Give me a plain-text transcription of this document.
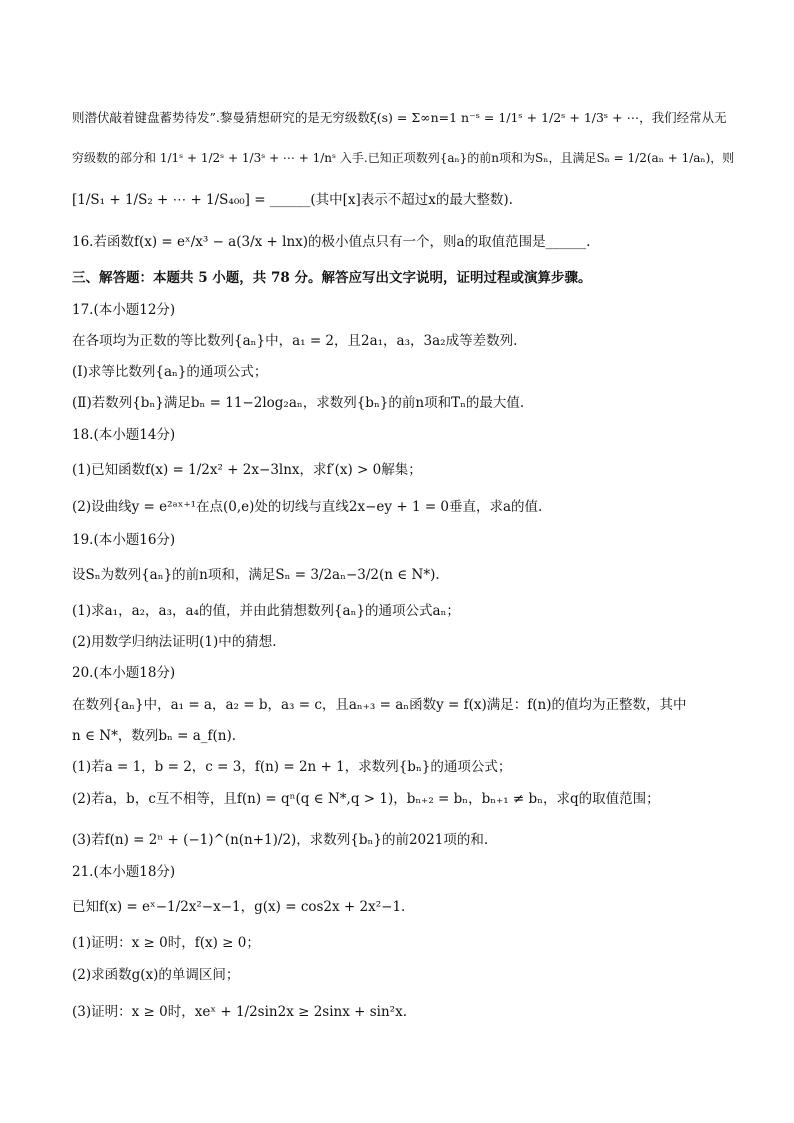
则潜伏敲着键盘蓄势待发”.黎曼猜想研究的是无穷级数ξ(s) = Σ∞n=1 n⁻ˢ = 1/1ˢ + 1/2ˢ + 1/3ˢ + ⋯，我们经常从无
穷级数的部分和 1/1ˢ + 1/2ˢ + 1/3ˢ + ⋯ + 1/nˢ 入手.已知正项数列{aₙ}的前n项和为Sₙ，且满足Sₙ = 1/2(aₙ + 1/aₙ)，则
[1/S₁ + 1/S₂ + ⋯ + 1/S₄₀₀] = ______(其中[x]表示不超过x的最大整数).
16.若函数f(x) = eˣ/x³ − a(3/x + lnx)的极小值点只有一个，则a的取值范围是______.
三、解答题：本题共 5 小题，共 78 分。解答应写出文字说明，证明过程或演算步骤。
17.(本小题12分)
在各项均为正数的等比数列{aₙ}中，a₁ = 2，且2a₁，a₃，3a₂成等差数列.
(Ⅰ)求等比数列{aₙ}的通项公式；
(Ⅱ)若数列{bₙ}满足bₙ = 11−2log₂aₙ，求数列{bₙ}的前n项和Tₙ的最大值.
18.(本小题14分)
(1)已知函数f(x) = 1/2x² + 2x−3lnx，求f′(x) > 0解集；
(2)设曲线y = e²ᵃˣ⁺¹在点(0,e)处的切线与直线2x−ey + 1 = 0垂直，求a的值.
19.(本小题16分)
设Sₙ为数列{aₙ}的前n项和，满足Sₙ = 3/2aₙ−3/2(n ∈ N*).
(1)求a₁，a₂，a₃，a₄的值，并由此猜想数列{aₙ}的通项公式aₙ；
(2)用数学归纳法证明(1)中的猜想.
20.(本小题18分)
在数列{aₙ}中，a₁ = a，a₂ = b，a₃ = c，且aₙ₊₃ = aₙ函数y = f(x)满足：f(n)的值均为正整数，其中
n ∈ N*，数列bₙ = a_f(n).
(1)若a = 1，b = 2，c = 3，f(n) = 2n + 1，求数列{bₙ}的通项公式；
(2)若a，b，c互不相等，且f(n) = qⁿ(q ∈ N*,q > 1)，bₙ₊₂ = bₙ，bₙ₊₁ ≠ bₙ，求q的取值范围；
(3)若f(n) = 2ⁿ + (−1)^(n(n+1)/2)，求数列{bₙ}的前2021项的和.
21.(本小题18分)
已知f(x) = eˣ−1/2x²−x−1，g(x) = cos2x + 2x²−1.
(1)证明：x ≥ 0时，f(x) ≥ 0；
(2)求函数g(x)的单调区间；
(3)证明：x ≥ 0时，xeˣ + 1/2sin2x ≥ 2sinx + sin²x.
